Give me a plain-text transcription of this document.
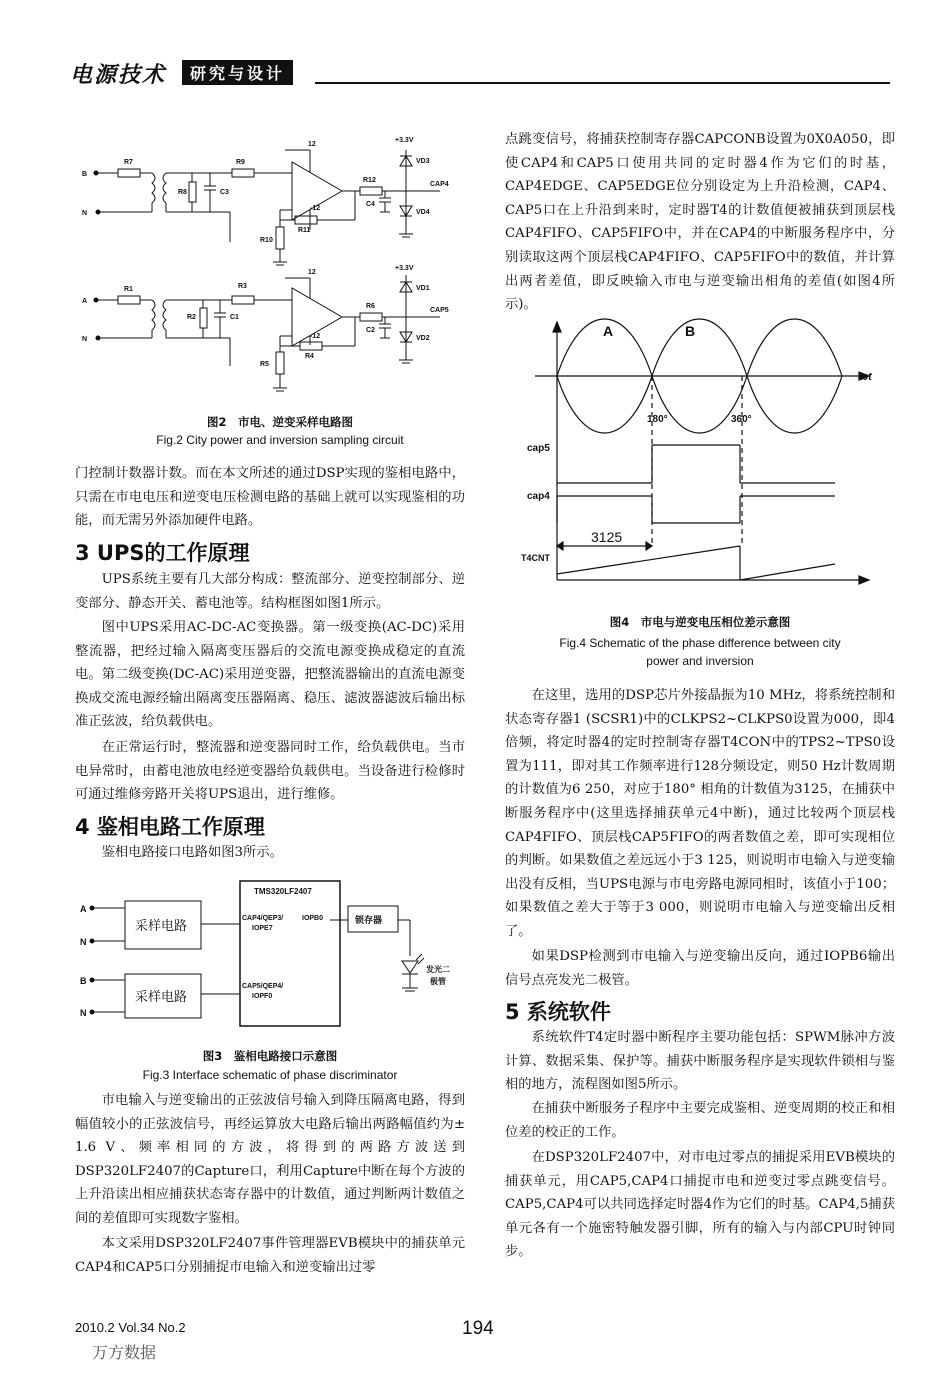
电源技术	研究与设计
B
N
R7	R9
R8	C3
R10
R11
R12
C4
VD3
VD4
CAP4
+3.3V
12
-12
A
N
R1	R3
R2	C1
R5
R4
R6
C2
VD1
VD2
CAP5
+3.3V
12
-12
图2　市电、逆变采样电路图
Fig.2 City power and inversion sampling circuit

门控制计数器计数。而在本文所述的通过DSP实现的鉴相电路中，只需在市电电压和逆变电压检测电路的基础上就可以实现鉴相的功能，而无需另外添加硬件电路。

3 UPS的工作原理

UPS系统主要有几大部分构成：整流部分、逆变控制部分、逆变部分、静态开关、蓄电池等。结构框图如图1所示。

图中UPS采用AC-DC-AC变换器。第一级变换(AC-DC)采用整流器，把经过输入隔离变压器后的交流电源变换成稳定的直流电。第二级变换(DC-AC)采用逆变器，把整流器输出的直流电源变换成交流电源经输出隔离变压器隔离、稳压、滤波器滤波后输出标准正弦波，给负载供电。

在正常运行时，整流器和逆变器同时工作，给负载供电。当市电异常时，由蓄电池放电经逆变器给负载供电。当设备进行检修时可通过维修旁路开关将UPS退出，进行维修。

4 鉴相电路工作原理

鉴相电路接口电路如图3所示。

A
N
B
N
采样电路
采样电路
TMS320LF2407
CAP4/QEP3/
IOPE7
IOPB0
CAP5/QEP4/
IOPF0
锁存器
发光二
极管
图3　鉴相电路接口示意图
Fig.3 Interface schematic of phase discriminator

市电输入与逆变输出的正弦波信号输入到降压隔离电路，得到幅值较小的正弦波信号，再经运算放大电路后输出两路幅值约为± 1.6 V、频率相同的方波，将得到的两路方波送到DSP320LF2407的Capture口，利用Capture中断在每个方波的上升沿读出相应捕获状态寄存器中的计数值，通过判断两计数值之间的差值即可实现数字鉴相。

本文采用DSP320LF2407事件管理器EVB模块中的捕获单元CAP4和CAP5口分别捕捉市电输入和逆变输出过零

点跳变信号，将捕获控制寄存器CAPCONB设置为0X0A050，即使CAP4和CAP5口使用共同的定时器4作为它们的时基，CAP4EDGE、CAP5EDGE位分别设定为上升沿检测，CAP4、CAP5口在上升沿到来时，定时器T4的计数值便被捕获到顶层栈CAP4FIFO、CAP5FIFO中，并在CAP4的中断服务程序中，分别读取这两个顶层栈CAP4FIFO、CAP5FIFO中的数值，并计算出两者差值，即反映输入市电与逆变输出相角的差值(如图4所示)。

A	B
ωt
180°	360°
cap5
cap4
3125
T4CNT
图4　市电与逆变电压相位差示意图
Fig.4 Schematic of the phase difference between city
power and inversion

在这里，选用的DSP芯片外接晶振为10 MHz，将系统控制和状态寄存器1 (SCSR1)中的CLKPS2~CLKPS0设置为000，即4倍频，将定时器4的定时控制寄存器T4CON中的TPS2~TPS0设置为111，即对其工作频率进行128分频设定，则50 Hz计数周期的计数值为6 250，对应于180° 相角的计数值为3125，在捕获中断服务程序中(这里选择捕获单元4中断)，通过比较两个顶层栈CAP4FIFO、顶层栈CAP5FIFO的两者数值之差，即可实现相位的判断。如果数值之差远远小于3 125，则说明市电输入与逆变输出没有反相，当UPS电源与市电旁路电源同相时，该值小于100；如果数值之差大于等于3 000，则说明市电输入与逆变输出反相了。

如果DSP检测到市电输入与逆变输出反向，通过IOPB6输出信号点亮发光二极管。

5 系统软件

系统软件T4定时器中断程序主要功能包括：SPWM脉冲方波计算、数据采集、保护等。捕获中断服务程序是实现软件锁相与鉴相的地方，流程图如图5所示。

在捕获中断服务子程序中主要完成鉴相、逆变周期的校正和相位差的校正的工作。

在DSP320LF2407中，对市电过零点的捕捉采用EVB模块的捕获单元，用CAP5,CAP4口捕捉市电和逆变过零点跳变信号。CAP5,CAP4可以共同选择定时器4作为它们的时基。CAP4,5捕获单元各有一个施密特触发器引脚，所有的输入与内部CPU时钟同步。

2010.2 Vol.34 No.2	194
万方数据
